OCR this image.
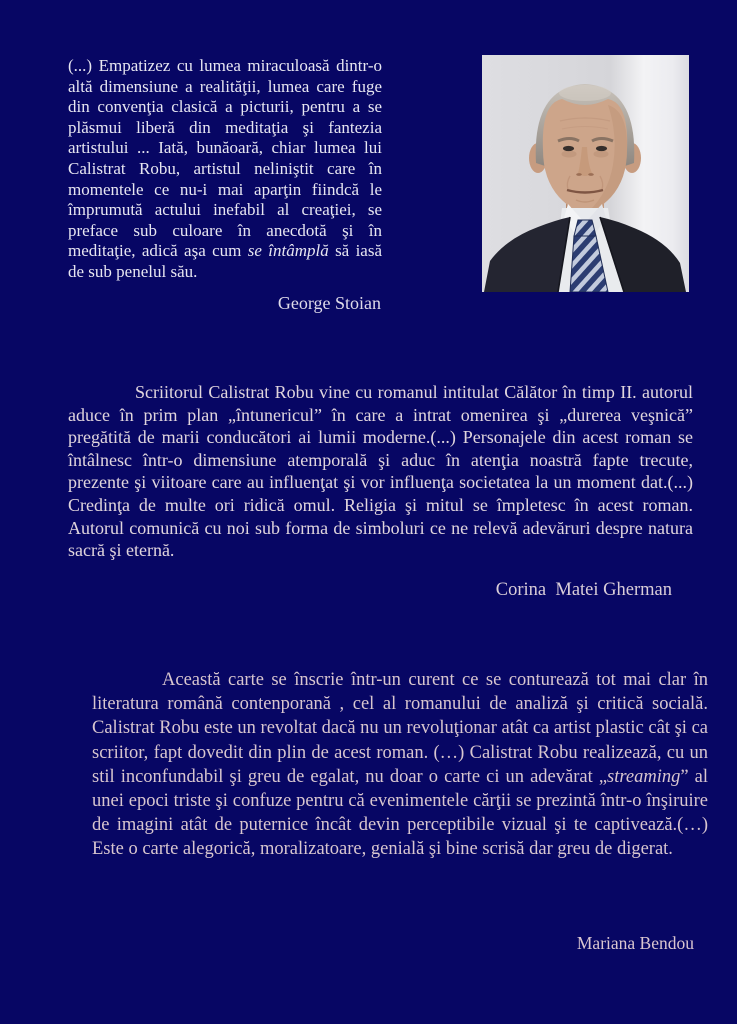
(...) Empatizez cu lumea miraculoasă dintr-o altă dimensiune a realităţii, lumea care fuge din convenţia clasică a picturii, pentru a se plăsmui liberă din meditaţia şi fantezia artistului ... Iată, bunăoară, chiar lumea lui Calistrat Robu, artistul neliniştit care în momentele ce nu-i mai aparţin fiindcă le împrumută actului inefabil al creaţiei, se preface sub culoare în anecdotă şi în meditaţie, adică aşa cum se întâmplă să iasă de sub penelul său.

George Stoian

Scriitorul Calistrat Robu vine cu romanul intitulat Călător în timp II. autorul aduce în prim plan „întunericul” în care a intrat omenirea şi „durerea veşnică” pregătită de marii conducători ai lumii moderne.(...) Personajele din acest roman se întâlnesc într-o dimensiune atemporală şi aduc în atenţia noastră fapte trecute, prezente şi viitoare care au influenţat şi vor influenţa societatea la un moment dat.(...) Credinţa de multe ori ridică omul. Religia şi mitul se împletesc în acest roman. Autorul comunică cu noi sub forma de simboluri ce ne relevă adevăruri despre natura sacră şi eternă.

Corina  Matei Gherman

Această carte se înscrie într-un curent ce se conturează tot mai clar în literatura română contenporană , cel al romanului de analiză şi critică socială. Calistrat Robu este un revoltat dacă nu un revoluţionar atât ca artist plastic cât şi ca scriitor, fapt dovedit din plin de acest roman. (…) Calistrat Robu realizează, cu un stil inconfundabil şi greu de egalat, nu doar o carte ci un adevărat „streaming” al unei epoci triste şi confuze pentru că evenimentele cărţii se prezintă într-o înşiruire de imagini atât de puternice încât devin perceptibile vizual şi te captivează.(…) Este o carte alegorică, moralizatoare, genială şi bine scrisă dar greu de digerat.

Mariana Bendou
